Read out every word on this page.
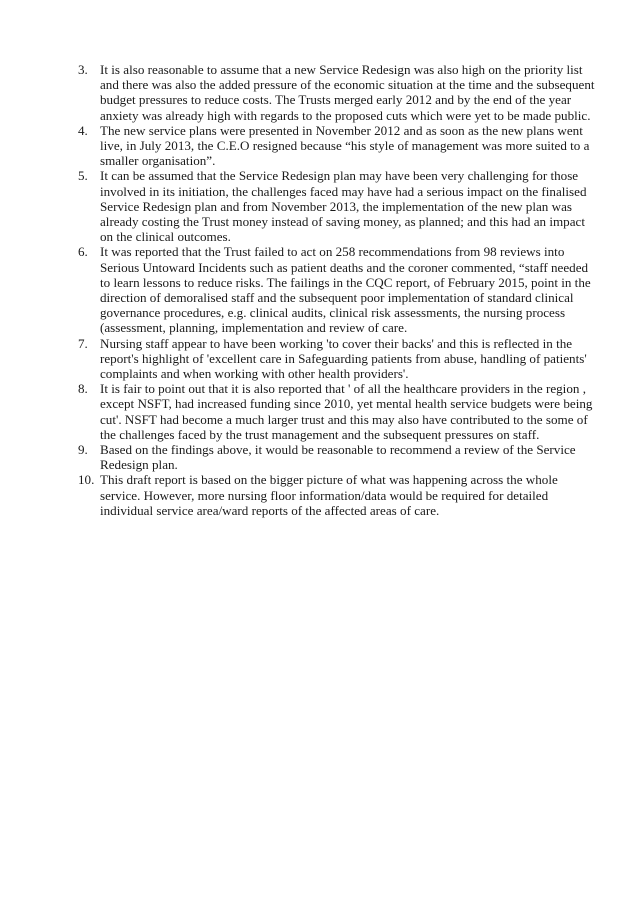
3. It is also reasonable to assume that a new Service Redesign was also high on the priority list and there was also the added pressure of the economic situation at the time and the subsequent budget pressures to reduce costs. The Trusts merged early 2012 and by the end of the year anxiety was already high with regards to the proposed cuts which were yet to be made public.
4. The new service plans were presented in November 2012 and as soon as the new plans went live, in July 2013, the C.E.O resigned because “his style of management was more suited to a smaller organisation”.
5. It can be assumed that the Service Redesign plan may have been very challenging for those involved in its initiation, the challenges faced may have had a serious impact on the finalised Service Redesign plan and from November 2013, the implementation of the new plan was already costing the Trust money instead of saving money, as planned; and this had an impact on the clinical outcomes.
6. It was reported that the Trust failed to act on 258 recommendations from 98 reviews into Serious Untoward Incidents such as patient deaths and the coroner commented, “staff needed to learn lessons to reduce risks. The failings in the CQC report, of February 2015, point in the direction of demoralised staff and the subsequent poor implementation of standard clinical governance procedures, e.g. clinical audits, clinical risk assessments, the nursing process (assessment, planning, implementation and review of care.
7. Nursing staff appear to have been working 'to cover their backs' and this is reflected in the report's highlight of 'excellent care in Safeguarding patients from abuse, handling of patients' complaints and when working with other health providers'.
8. It is fair to point out that it is also reported that ' of all the healthcare providers in the region , except NSFT, had increased funding since 2010, yet mental health service budgets were being cut'. NSFT had become a much larger trust and this may also have contributed to the some of the challenges faced by the trust management and the subsequent pressures on staff.
9. Based on the findings above, it would be reasonable to recommend a review of the Service Redesign plan.
10. This draft report is based on the bigger picture of what was happening across the whole service. However, more nursing floor information/data would be required for detailed individual service area/ward reports of the affected areas of care.
